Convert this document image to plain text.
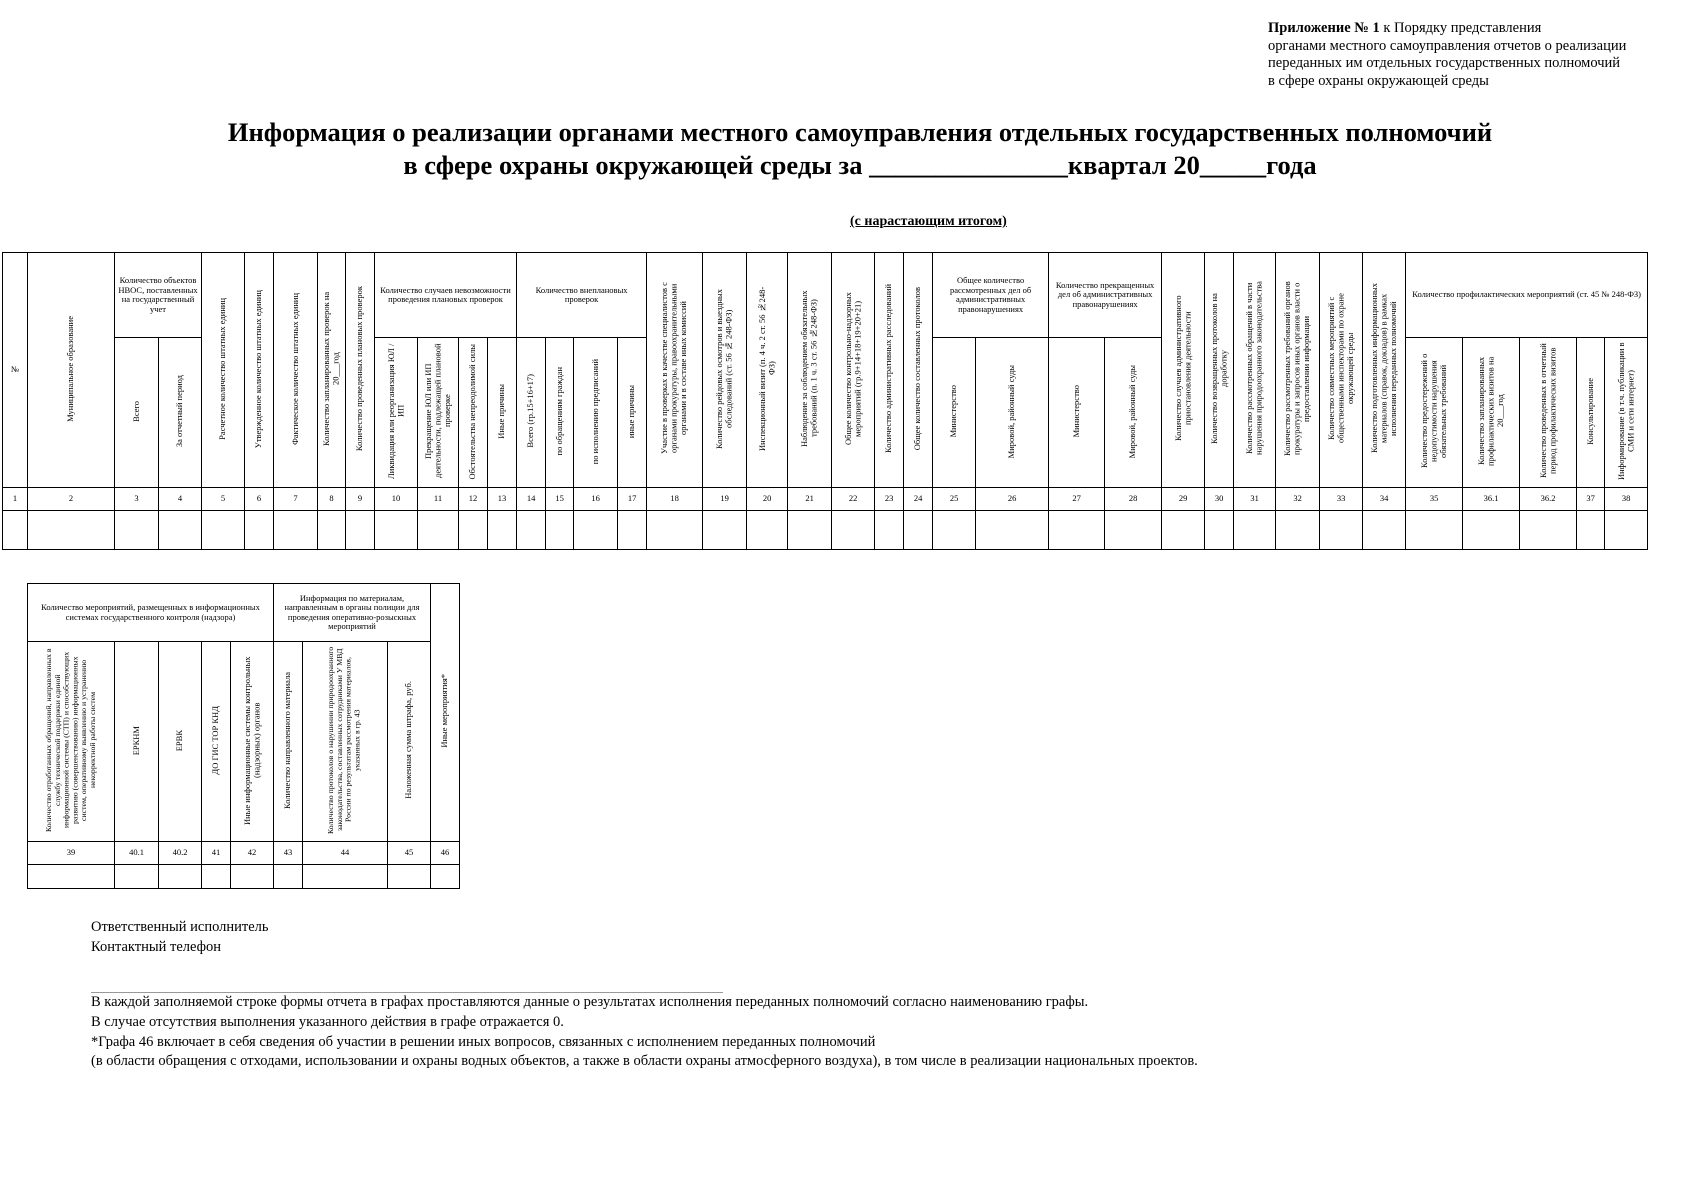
Приложение № 1 к Порядку представления
органами местного самоуправления отчетов о реализации
переданных им отдельных государственных полномочий
в сфере охраны окружающей среды
Информация о реализации органами местного самоуправления отдельных государственных полномочий
в сфере охраны окружающей среды за _______________квартал 20_____года
(с нарастающим итогом)
№	Муниципальное образование	Количество объектов НВОС, поставленных на государственный учет		Расчетное количество штатных единиц	Утвержденное количество штатных единиц	Фактическое количество штатных единиц	Количество запланированных проверок на 20___год	Количество проведенных плановых проверок	Количество случаев невозможности проведения плановых проверок				Количество внеплановых проверок				Участие в проверках в качестве специалистов с органами прокуратуры, правоохранительными органами и в составе иных комиссий	Количество рейдовых осмотров и выездных обследований (ст. 56 № 248-ФЗ)	Инспекционный визит (п. 4 ч. 2 ст. 56 №248-ФЗ)	Наблюдение за соблюдением обязательных требований (п. 1 ч. 3 ст. 56 №248-ФЗ)	Общее количество контрольно-надзорных мероприятий (гр.9+14+18+19+20+21)	Количество административных расследований	Общее количество составленных протоколов	Общее количество рассмотренных дел об административных правонарушениях		Количество прекращенных дел об административных правонарушениях		Количество случаев административного приостановления деятельности	Количество возвращенных протоколов на доработку	Количество рассмотренных обращений в части нарушения природоохранного законодательства	Количество рассмотренных требований органов прокуратуры и запросов иных органов власти о предоставлении информации	Количество совместных мероприятий с общественными инспекторами по охране окружающей среды	Количество подготовленных информационных материалов (справок, докладов) в рамках исполнения переданных полномочий	Количество профилактических мероприятий (ст. 45 № 248-ФЗ)				
		Всего	За отчетный период						Ликвидация или реорганизация ЮЛ / ИП	Прекращение ЮЛ или ИП деятельности, подлежащей плановой проверке	Обстоятельства непреодолимой силы	Иные причины	Всего (гр.15+16+17)	по обращениям граждан	по исполнению предписаний	иные причины								Министерство	Мировой, районный суды	Министерство	Мировой, районный суды							Количество предостережений о недопустимости нарушения обязательных требований	Количество запланированных профилактических визитов на 20___год	Количество проведенных в отчетный период профилактических визитов	Консультирование	Информирование (в т.ч. публикации в СМИ и сети интернет)
1	2	3	4	5	6	7	8	9	10	11	12	13	14	15	16	17	18	19	20	21	22	23	24	25	26	27	28	29	30	31	32	33	34	35	36.1	36.2	37	38

Количество мероприятий, размещенных в информационных системах государственного контроля (надзора)					Информация по материалам, направленным в органы полиции для проведения оперативно-розыскных мероприятий			Иные мероприятия*
Количество отработанных обращений, направленных в службу технической поддержки единой информационной системы (СТП) и способствующих развитию (совершенствованию) информационных систем, оперативному выявлению и устранению некорректной работы систем	ЕРКНМ	ЕРВК	ДО ГИС ТОР КНД	Иные информационные системы контрольных (надзорных) органов	Количество направленного материала	Количество протоколов о нарушении природоохранного законодательства, составленных сотрудниками У МВД России по результатам рассмотрения материалов, указанных в гр. 43	Наложенная сумма штрафа, руб.	
39	40.1	40.2	41	42	43	44	45	46

Ответственный исполнитель
Контактный телефон
В каждой заполняемой строке формы отчета в графах проставляются данные о результатах исполнения переданных полномочий согласно наименованию графы.
В случае отсутствия выполнения указанного действия в графе отражается 0.
*Графа 46 включает в себя сведения об участии в решении иных вопросов, связанных с исполнением переданных полномочий
(в области обращения с отходами, использовании и охраны водных объектов, а также в области охраны атмосферного воздуха), в том числе в реализации национальных проектов.
